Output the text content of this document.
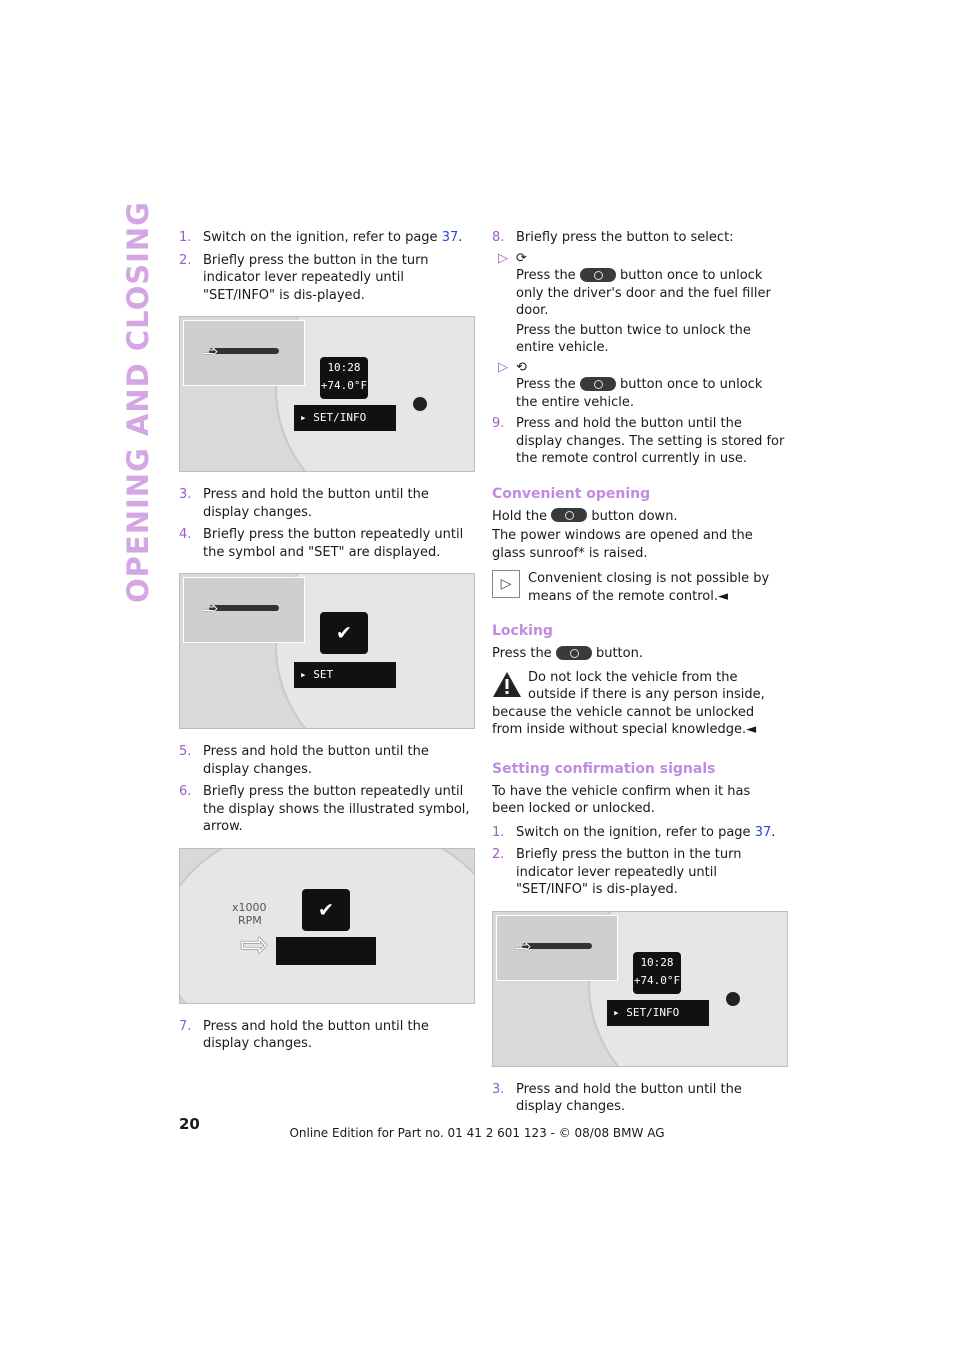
OPENING AND CLOSING 1. Switch on the ignition, refer to page 37.
2. Briefly press the button in the turn indicator lever repeatedly until "SET/INFO" is dis-played.
⇨
10:28
+74.0°F
▸ SET/INFO
3. Press and hold the button until the display changes.
4. Briefly press the button repeatedly until the symbol and "SET" are displayed.
⇨
✔
▸ SET
5. Press and hold the button until the display changes.
6. Briefly press the button repeatedly until the display shows the illustrated symbol, arrow.
x1000
RPM	✔
⇨
7. Press and hold the button until the display changes.
8. Briefly press the button to select:
▷ ⟳

Press the	button once to unlock only the driver's door and the fuel filler door.

Press the button twice to unlock the entire vehicle.

▷ ⟲

Press the	button once to unlock the entire vehicle.

9. Press and hold the button until the display changes. The setting is stored for the remote control currently in use.
Convenient opening

Hold the	button down.

The power windows are opened and the glass sunroof* is raised.

▷	Convenient closing is not possible by means of the remote control.◄
Locking

Press the	button.

Do not lock the vehicle from the outside if there is any person inside, because the vehicle cannot be unlocked from inside without special knowledge.◄
Setting confirmation signals

To have the vehicle confirm when it has been locked or unlocked.

1. Switch on the ignition, refer to page 37.
2. Briefly press the button in the turn indicator lever repeatedly until "SET/INFO" is dis-played.
⇨
10:28
+74.0°F
▸ SET/INFO
3. Press and hold the button until the display changes.
20	Online Edition for Part no. 01 41 2 601 123 - © 08/08 BMW AG
